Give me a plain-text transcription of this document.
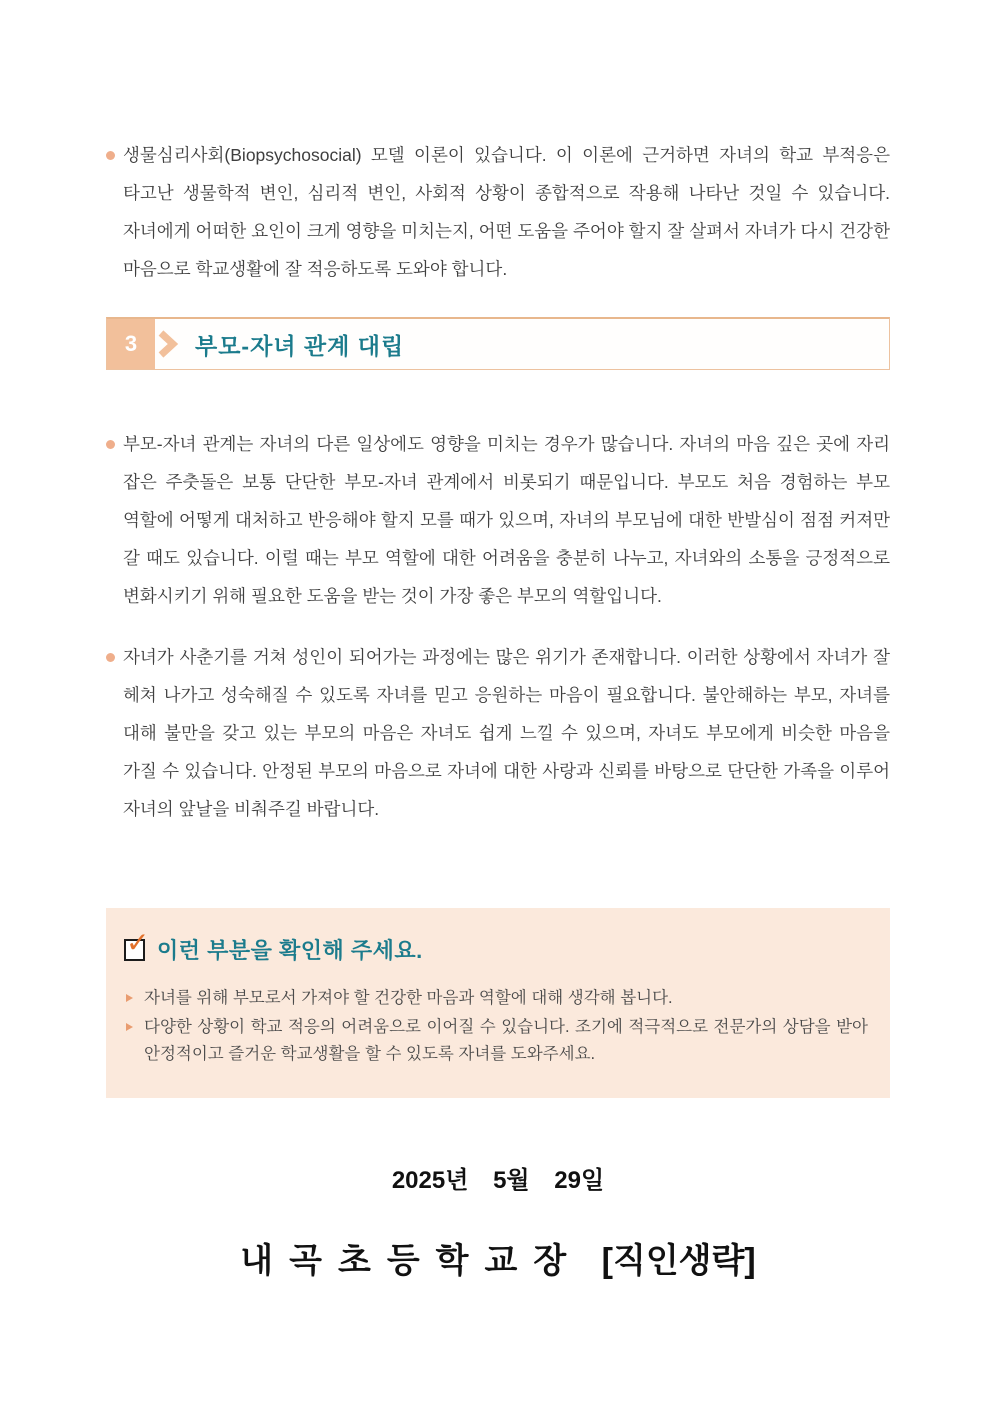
생물심리사회(Biopsychosocial) 모델 이론이 있습니다. 이 이론에 근거하면 자녀의 학교 부적응은 타고난 생물학적 변인, 심리적 변인, 사회적 상황이 종합적으로 작용해 나타난 것일 수 있습니다. 자녀에게 어떠한 요인이 크게 영향을 미치는지, 어떤 도움을 주어야 할지 잘 살펴서 자녀가 다시 건강한 마음으로 학교생활에 잘 적응하도록 도와야 합니다.
3	부모-자녀 관계 대립
부모-자녀 관계는 자녀의 다른 일상에도 영향을 미치는 경우가 많습니다. 자녀의 마음 깊은 곳에 자리 잡은 주춧돌은 보통 단단한 부모-자녀 관계에서 비롯되기 때문입니다. 부모도 처음 경험하는 부모 역할에 어떻게 대처하고 반응해야 할지 모를 때가 있으며, 자녀의 부모님에 대한 반발심이 점점 커져만 갈 때도 있습니다. 이럴 때는 부모 역할에 대한 어려움을 충분히 나누고, 자녀와의 소통을 긍정적으로 변화시키기 위해 필요한 도움을 받는 것이 가장 좋은 부모의 역할입니다.
자녀가 사춘기를 거쳐 성인이 되어가는 과정에는 많은 위기가 존재합니다. 이러한 상황에서 자녀가 잘 헤쳐 나가고 성숙해질 수 있도록 자녀를 믿고 응원하는 마음이 필요합니다. 불안해하는 부모, 자녀를 대해 불만을 갖고 있는 부모의 마음은 자녀도 쉽게 느낄 수 있으며, 자녀도 부모에게 비슷한 마음을 가질 수 있습니다. 안정된 부모의 마음으로 자녀에 대한 사랑과 신뢰를 바탕으로 단단한 가족을 이루어 자녀의 앞날을 비춰주길 바랍니다.
✓ 이런 부분을 확인해 주세요.
자녀를 위해 부모로서 가져야 할 건강한 마음과 역할에 대해 생각해 봅니다.
다양한 상황이 학교 적응의 어려움으로 이어질 수 있습니다. 조기에 적극적으로 전문가의 상담을 받아 안정적이고 즐거운 학교생활을 할 수 있도록 자녀를 도와주세요.
2025년 5월 29일
내곡초등학교장 [직인생략]
